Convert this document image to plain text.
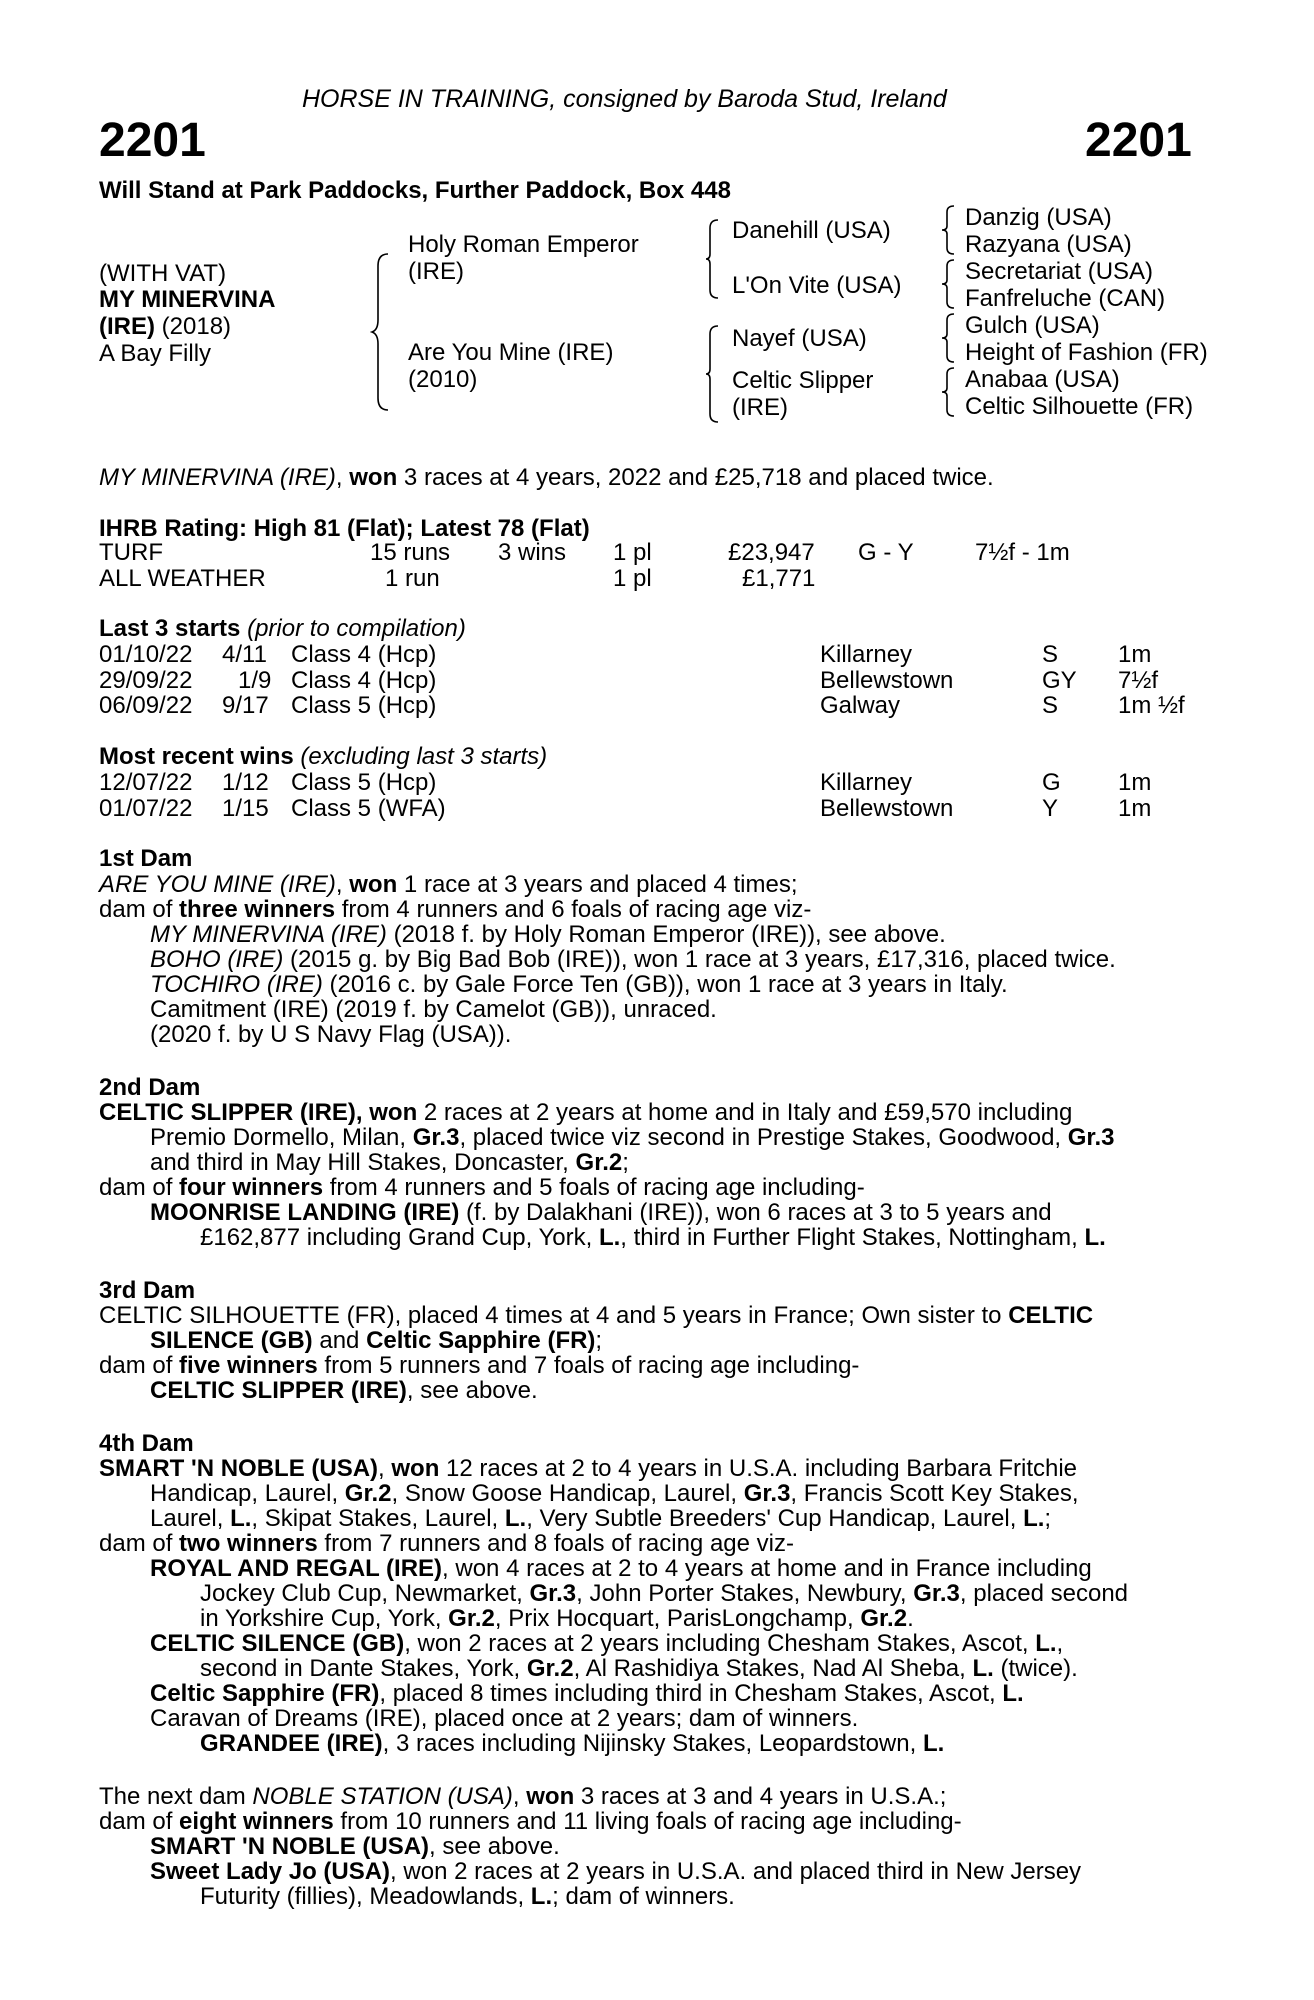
HORSE IN TRAINING, consigned by Baroda Stud, Ireland
2201	2201
Will Stand at Park Paddocks, Further Paddock, Box 448
(WITH VAT)
MY MINERVINA
(IRE) (2018)
A Bay Filly
Holy Roman Emperor
(IRE)
Are You Mine (IRE)
(2010)
Danehill (USA)
L'On Vite (USA)
Nayef (USA)
Celtic Slipper
(IRE)
Danzig (USA)
Razyana (USA)
Secretariat (USA)
Fanfreluche (CAN)
Gulch (USA)
Height of Fashion (FR)
Anabaa (USA)
Celtic Silhouette (FR)
MY MINERVINA (IRE), won 3 races at 4 years, 2022 and £25,718 and placed twice.
IHRB Rating: High 81 (Flat); Latest 78 (Flat)
TURF	15 runs 3 wins 1 pl	£23,947 G - Y	7½f - 1m
ALL WEATHER	1 run	1 pl	£1,771
Last 3 starts (prior to compilation)
01/10/22 4/11 Class 4 (Hcp)	Killarney	S 1m
29/09/22 1/9 Class 4 (Hcp)	Bellewstown	GY 7½f
06/09/22 9/17 Class 5 (Hcp)	Galway	S 1m ½f
Most recent wins (excluding last 3 starts)
12/07/22 1/12 Class 5 (Hcp)	Killarney	G 1m
01/07/22 1/15 Class 5 (WFA)	Bellewstown	Y 1m
1st Dam
ARE YOU MINE (IRE), won 1 race at 3 years and placed 4 times;
dam of three winners from 4 runners and 6 foals of racing age viz-
MY MINERVINA (IRE) (2018 f. by Holy Roman Emperor (IRE)), see above.
BOHO (IRE) (2015 g. by Big Bad Bob (IRE)), won 1 race at 3 years, £17,316, placed twice.
TOCHIRO (IRE) (2016 c. by Gale Force Ten (GB)), won 1 race at 3 years in Italy.
Camitment (IRE) (2019 f. by Camelot (GB)), unraced.
(2020 f. by U S Navy Flag (USA)).
2nd Dam
CELTIC SLIPPER (IRE), won 2 races at 2 years at home and in Italy and £59,570 including
Premio Dormello, Milan, Gr.3, placed twice viz second in Prestige Stakes, Goodwood, Gr.3
and third in May Hill Stakes, Doncaster, Gr.2;
dam of four winners from 4 runners and 5 foals of racing age including-
MOONRISE LANDING (IRE) (f. by Dalakhani (IRE)), won 6 races at 3 to 5 years and
£162,877 including Grand Cup, York, L., third in Further Flight Stakes, Nottingham, L.
3rd Dam
CELTIC SILHOUETTE (FR), placed 4 times at 4 and 5 years in France; Own sister to CELTIC
SILENCE (GB) and Celtic Sapphire (FR);
dam of five winners from 5 runners and 7 foals of racing age including-
CELTIC SLIPPER (IRE), see above.
4th Dam
SMART 'N NOBLE (USA), won 12 races at 2 to 4 years in U.S.A. including Barbara Fritchie
Handicap, Laurel, Gr.2, Snow Goose Handicap, Laurel, Gr.3, Francis Scott Key Stakes,
Laurel, L., Skipat Stakes, Laurel, L., Very Subtle Breeders' Cup Handicap, Laurel, L.;
dam of two winners from 7 runners and 8 foals of racing age viz-
ROYAL AND REGAL (IRE), won 4 races at 2 to 4 years at home and in France including
Jockey Club Cup, Newmarket, Gr.3, John Porter Stakes, Newbury, Gr.3, placed second
in Yorkshire Cup, York, Gr.2, Prix Hocquart, ParisLongchamp, Gr.2.
CELTIC SILENCE (GB), won 2 races at 2 years including Chesham Stakes, Ascot, L.,
second in Dante Stakes, York, Gr.2, Al Rashidiya Stakes, Nad Al Sheba, L. (twice).
Celtic Sapphire (FR), placed 8 times including third in Chesham Stakes, Ascot, L.
Caravan of Dreams (IRE), placed once at 2 years; dam of winners.
GRANDEE (IRE), 3 races including Nijinsky Stakes, Leopardstown, L.
The next dam NOBLE STATION (USA), won 3 races at 3 and 4 years in U.S.A.;
dam of eight winners from 10 runners and 11 living foals of racing age including-
SMART 'N NOBLE (USA), see above.
Sweet Lady Jo (USA), won 2 races at 2 years in U.S.A. and placed third in New Jersey
Futurity (fillies), Meadowlands, L.; dam of winners.
